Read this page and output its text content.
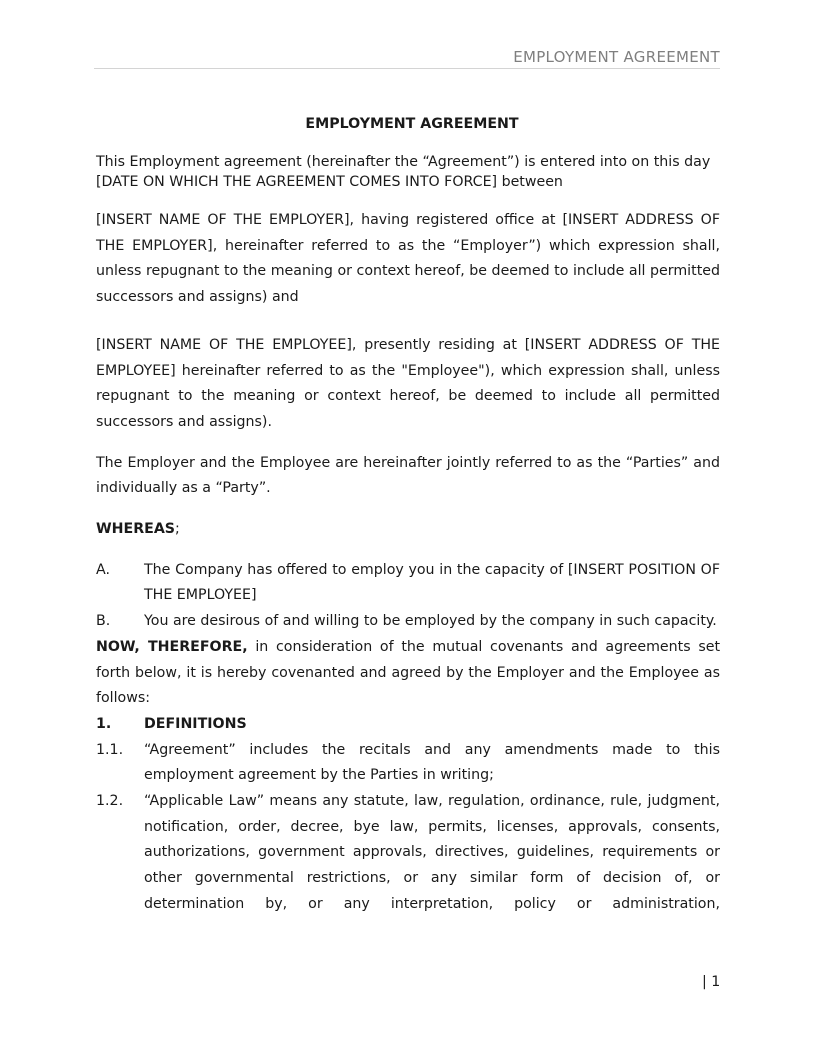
EMPLOYMENT AGREEMENT
EMPLOYMENT AGREEMENT

This Employment agreement (hereinafter the “Agreement”) is entered into on this day [DATE ON WHICH THE AGREEMENT COMES INTO FORCE] between

[INSERT NAME OF THE EMPLOYER], having registered office at [INSERT ADDRESS OF THE EMPLOYER], hereinafter referred to as the “Employer”) which expression shall, unless repugnant to the meaning or context hereof, be deemed to include all permitted successors and assigns) and

[INSERT NAME OF THE EMPLOYEE], presently residing at [INSERT ADDRESS OF THE EMPLOYEE] hereinafter referred to as the "Employee"), which expression shall, unless repugnant to the meaning or context hereof, be deemed to include all permitted successors and assigns).

The Employer and the Employee are hereinafter jointly referred to as the “Parties” and individually as a “Party”.

WHEREAS;

A.	The Company has offered to employ you in the capacity of [INSERT POSITION OF THE EMPLOYEE]
B.	You are desirous of and willing to be employed by the company in such capacity.

NOW, THEREFORE, in consideration of the mutual covenants and agreements set forth below, it is hereby covenanted and agreed by the Employer and the Employee as follows:

1.	DEFINITIONS
1.1.	“Agreement” includes the recitals and any amendments made to this employment agreement by the Parties in writing;
1.2.	“Applicable Law” means any statute, law, regulation, ordinance, rule, judgment, notification, order, decree, bye law, permits, licenses, approvals, consents, authorizations, government approvals, directives, guidelines, requirements or other governmental restrictions, or any similar form of decision of, or determination by, or any interpretation, policy or administration,
| 1
